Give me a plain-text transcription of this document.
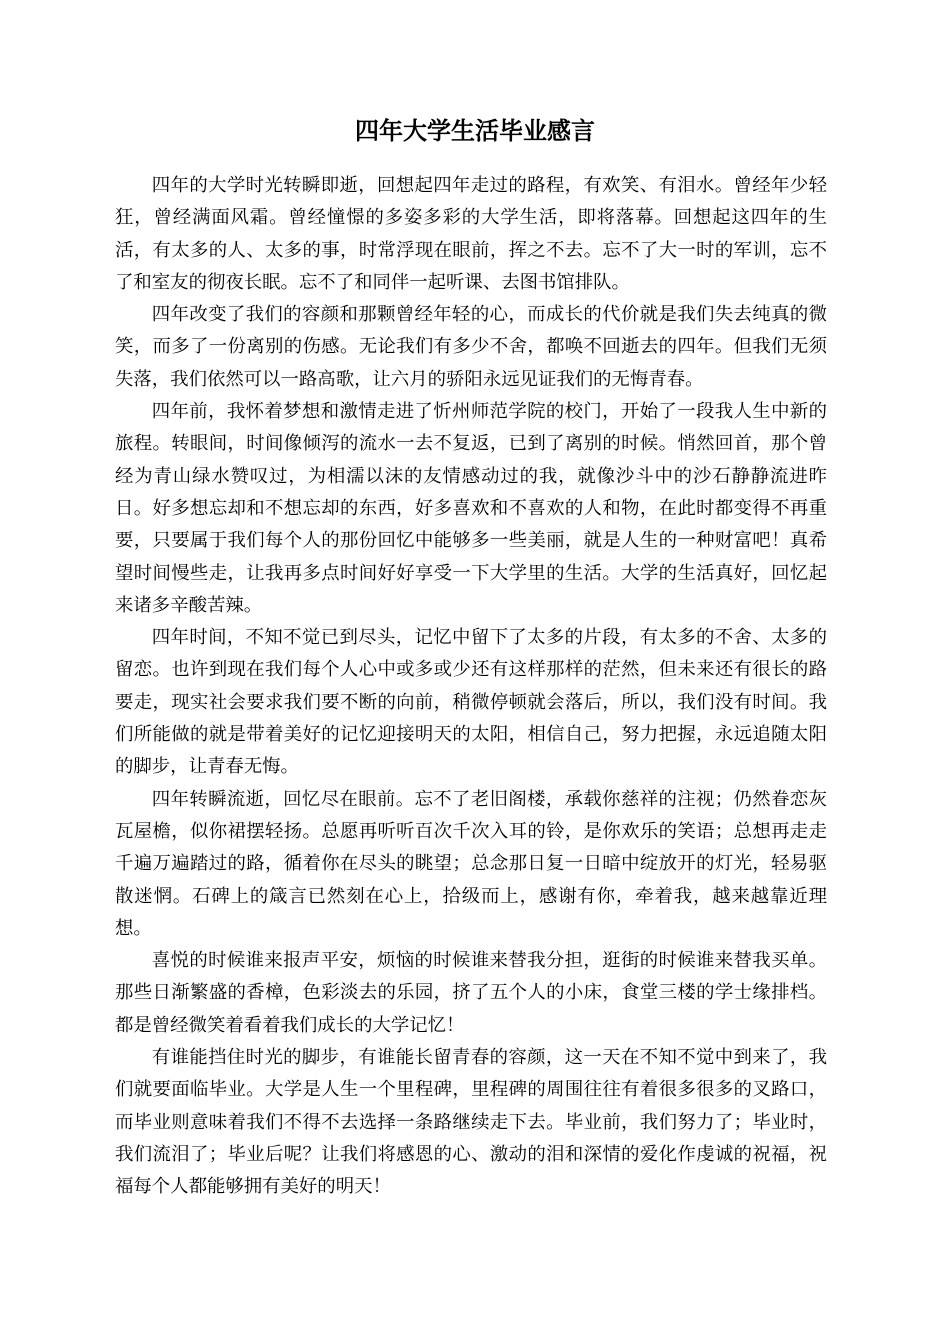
四年大学生活毕业感言

四年的大学时光转瞬即逝，回想起四年走过的路程，有欢笑、有泪水。曾经年少轻狂，曾经满面风霜。曾经憧憬的多姿多彩的大学生活，即将落幕。回想起这四年的生活，有太多的人、太多的事，时常浮现在眼前，挥之不去。忘不了大一时的军训，忘不了和室友的彻夜长眠。忘不了和同伴一起听课、去图书馆排队。

四年改变了我们的容颜和那颗曾经年轻的心，而成长的代价就是我们失去纯真的微笑，而多了一份离别的伤感。无论我们有多少不舍，都唤不回逝去的四年。但我们无须失落，我们依然可以一路高歌，让六月的骄阳永远见证我们的无悔青春。

四年前，我怀着梦想和激情走进了忻州师范学院的校门，开始了一段我人生中新的旅程。转眼间，时间像倾泻的流水一去不复返，已到了离别的时候。悄然回首，那个曾经为青山绿水赞叹过，为相濡以沫的友情感动过的我，就像沙斗中的沙石静静流进昨日。好多想忘却和不想忘却的东西，好多喜欢和不喜欢的人和物，在此时都变得不再重要，只要属于我们每个人的那份回忆中能够多一些美丽，就是人生的一种财富吧！真希望时间慢些走，让我再多点时间好好享受一下大学里的生活。大学的生活真好，回忆起来诸多辛酸苦辣。

四年时间，不知不觉已到尽头，记忆中留下了太多的片段，有太多的不舍、太多的留恋。也许到现在我们每个人心中或多或少还有这样那样的茫然，但未来还有很长的路要走，现实社会要求我们要不断的向前，稍微停顿就会落后，所以，我们没有时间。我们所能做的就是带着美好的记忆迎接明天的太阳，相信自己，努力把握，永远追随太阳的脚步，让青春无悔。

四年转瞬流逝，回忆尽在眼前。忘不了老旧阁楼，承载你慈祥的注视；仍然眷恋灰瓦屋檐，似你裙摆轻扬。总愿再听听百次千次入耳的铃，是你欢乐的笑语；总想再走走千遍万遍踏过的路，循着你在尽头的眺望；总念那日复一日暗中绽放开的灯光，轻易驱散迷惘。石碑上的箴言已然刻在心上，拾级而上，感谢有你，牵着我，越来越靠近理想。

喜悦的时候谁来报声平安，烦恼的时候谁来替我分担，逛街的时候谁来替我买单。那些日渐繁盛的香樟，色彩淡去的乐园，挤了五个人的小床，食堂三楼的学士缘排档。都是曾经微笑着看着我们成长的大学记忆！

有谁能挡住时光的脚步，有谁能长留青春的容颜，这一天在不知不觉中到来了，我们就要面临毕业。大学是人生一个里程碑，里程碑的周围往往有着很多很多的叉路口，而毕业则意味着我们不得不去选择一条路继续走下去。毕业前，我们努力了；毕业时，我们流泪了；毕业后呢？让我们将感恩的心、激动的泪和深情的爱化作虔诚的祝福，祝福每个人都能够拥有美好的明天！
